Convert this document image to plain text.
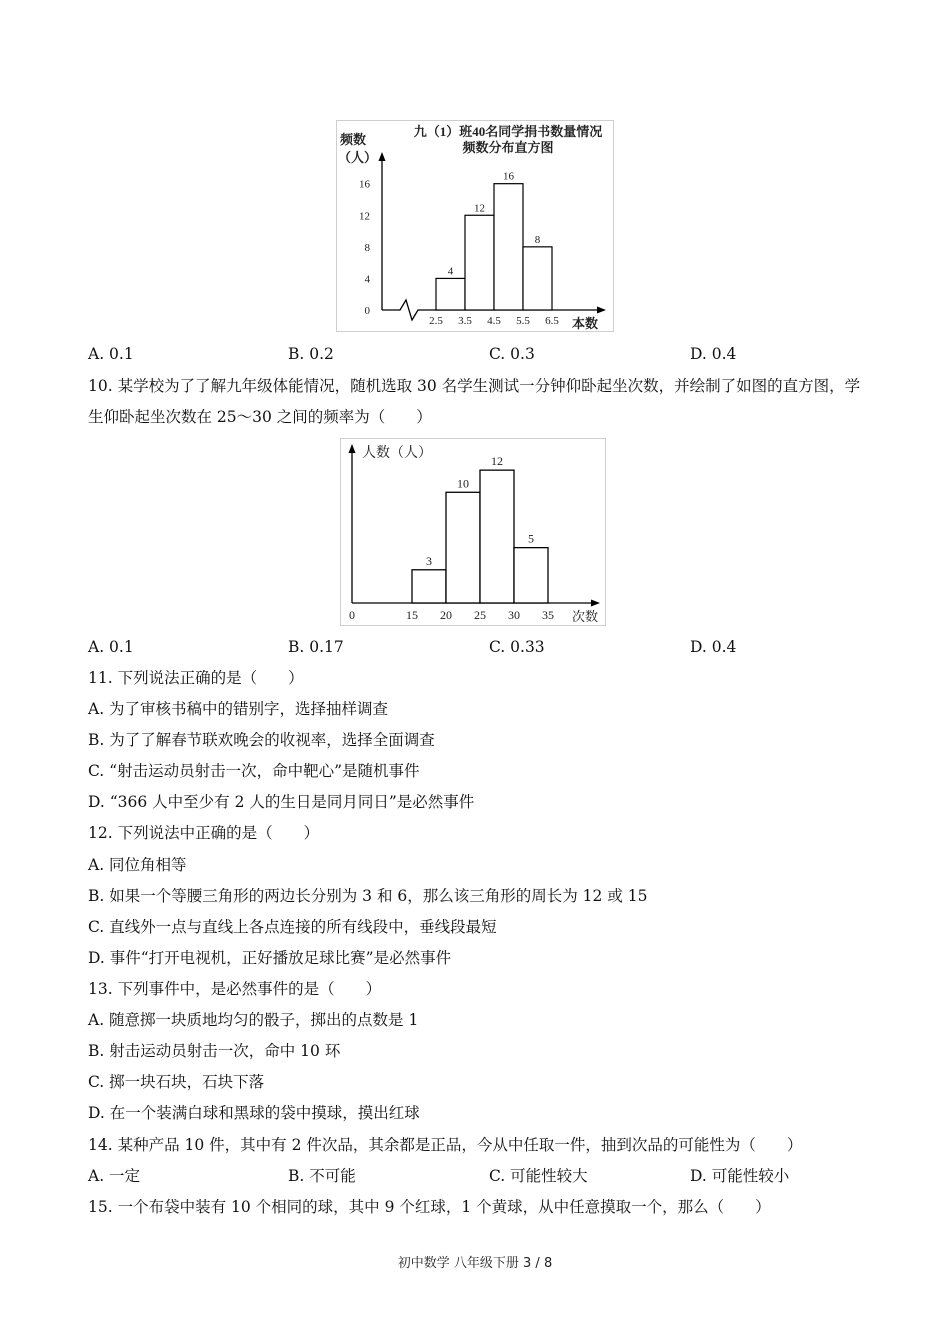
九（1）班40名同学捐书数量情况
频数分布直方图
频数
（人）
本数
0
4
8
12
16
4
12
16
8
2.5 3.5 4.5 5.5 6.5
A. 0.1	B. 0.2	C. 0.3	D. 0.4
10. 某学校为了了解九年级体能情况，随机选取 30 名学生测试一分钟仰卧起坐次数，并绘制了如图的直方图，学生仰卧起坐次数在 25～30 之间的频率为（　　）
人数（人）
次数
3
10
12
5
0	15 20 25 30 35
A. 0.1	B. 0.17	C. 0.33	D. 0.4
11. 下列说法正确的是（　　）
A. 为了审核书稿中的错别字，选择抽样调查
B. 为了了解春节联欢晚会的收视率，选择全面调查
C. “射击运动员射击一次，命中靶心”是随机事件
D. “366 人中至少有 2 人的生日是同月同日”是必然事件
12. 下列说法中正确的是（　　）
A. 同位角相等
B. 如果一个等腰三角形的两边长分别为 3 和 6，那么该三角形的周长为 12 或 15
C. 直线外一点与直线上各点连接的所有线段中，垂线段最短
D. 事件“打开电视机，正好播放足球比赛”是必然事件
13. 下列事件中，是必然事件的是（　　）
A. 随意掷一块质地均匀的骰子，掷出的点数是 1
B. 射击运动员射击一次，命中 10 环
C. 掷一块石块，石块下落
D. 在一个装满白球和黑球的袋中摸球，摸出红球
14. 某种产品 10 件，其中有 2 件次品，其余都是正品，今从中任取一件，抽到次品的可能性为（　　）
A. 一定	B. 不可能	C. 可能性较大	D. 可能性较小
15. 一个布袋中装有 10 个相同的球，其中 9 个红球，1 个黄球，从中任意摸取一个，那么（　　）
初中数学 八年级下册 3 / 8
